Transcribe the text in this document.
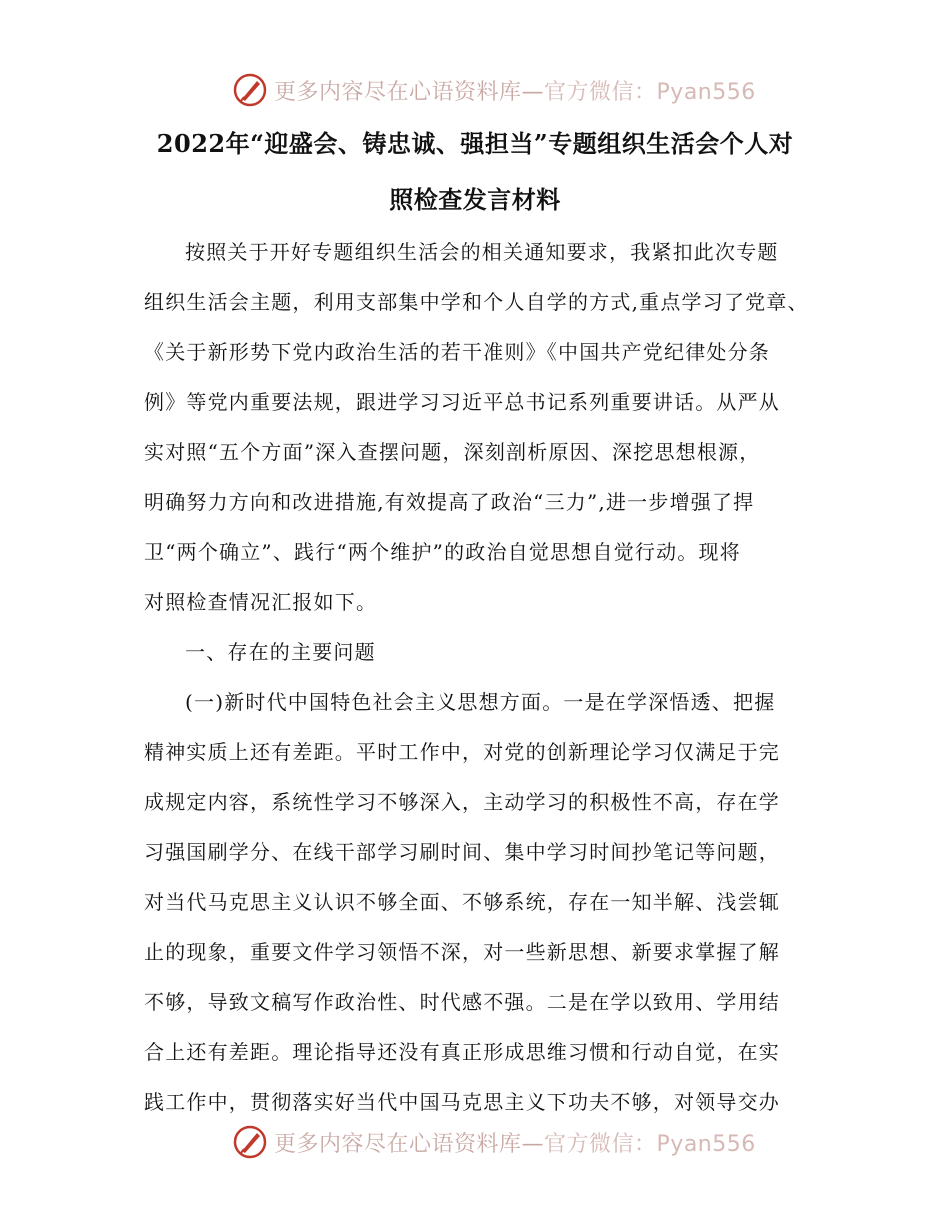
更多内容尽在心语资料库—官方微信：Pyan556
2022年“迎盛会、铸忠诚、强担当”专题组织生活会个人对
照检查发言材料
按照关于开好专题组织生活会的相关通知要求，我紧扣此次专题
组织生活会主题，利用支部集中学和个人自学的方式,重点学习了党章、
《关于新形势下党内政治生活的若干准则》《中国共产党纪律处分条
例》等党内重要法规，跟进学习习近平总书记系列重要讲话。从严从
实对照“五个方面”深入查摆问题，深刻剖析原因、深挖思想根源，
明确努力方向和改进措施,有效提高了政治“三力”,进一步增强了捍
卫“两个确立”、践行“两个维护”的政治自觉思想自觉行动。现将
对照检查情况汇报如下。
一、存在的主要问题
(一)新时代中国特色社会主义思想方面。一是在学深悟透、把握
精神实质上还有差距。平时工作中，对党的创新理论学习仅满足于完
成规定内容，系统性学习不够深入，主动学习的积极性不高，存在学
习强国刷学分、在线干部学习刷时间、集中学习时间抄笔记等问题，
对当代马克思主义认识不够全面、不够系统，存在一知半解、浅尝辄
止的现象，重要文件学习领悟不深，对一些新思想、新要求掌握了解
不够，导致文稿写作政治性、时代感不强。二是在学以致用、学用结
合上还有差距。理论指导还没有真正形成思维习惯和行动自觉，在实
践工作中，贯彻落实好当代中国马克思主义下功夫不够，对领导交办
更多内容尽在心语资料库—官方微信：Pyan556
